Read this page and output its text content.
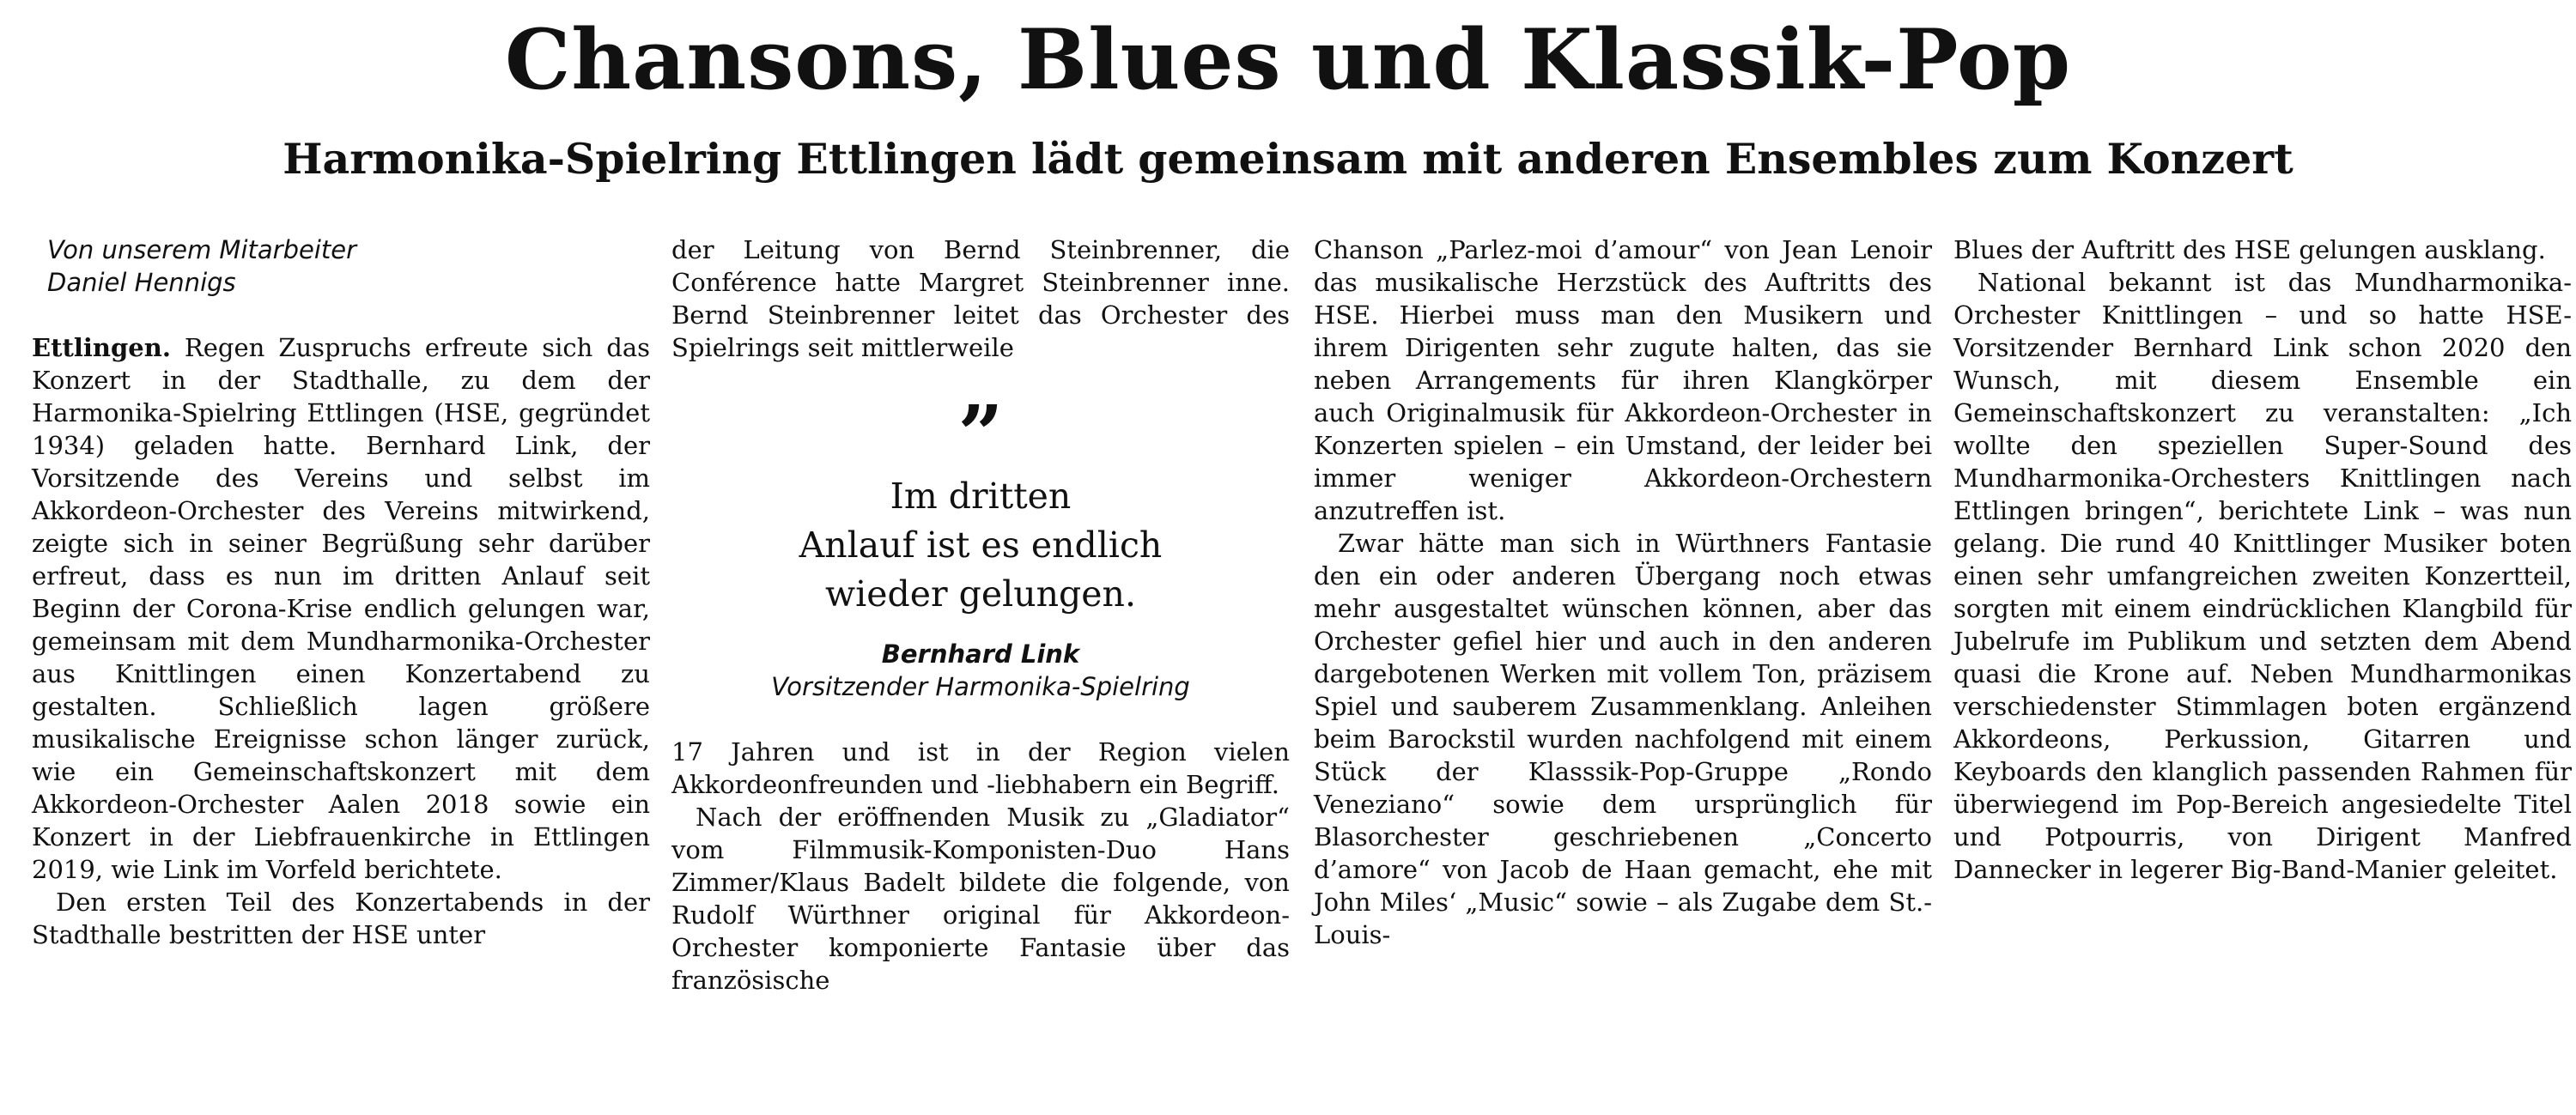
Chansons, Blues und Klassik-Pop
Harmonika-Spielring Ettlingen lädt gemeinsam mit anderen Ensembles zum Konzert
Von unserem Mitarbeiter
Daniel Hennigs

Ettlingen. Regen Zuspruchs erfreute sich das Konzert in der Stadthalle, zu dem der Harmonika-Spielring Ettlingen (HSE, gegründet 1934) geladen hatte. Bernhard Link, der Vorsitzende des Vereins und selbst im Akkordeon-Orchester des Vereins mitwirkend, zeigte sich in seiner Begrüßung sehr darüber erfreut, dass es nun im dritten Anlauf seit Beginn der Corona-Krise endlich gelungen war, gemeinsam mit dem Mundharmonika-Orchester aus Knittlingen einen Konzertabend zu gestalten. Schließlich lagen größere musikalische Ereignisse schon länger zurück, wie ein Gemeinschaftskonzert mit dem Akkordeon-Orchester Aalen 2018 sowie ein Konzert in der Liebfrauenkirche in Ettlingen 2019, wie Link im Vorfeld berichtete.

Den ersten Teil des Konzertabends in der Stadthalle bestritten der HSE unter

der Leitung von Bernd Steinbrenner, die Conférence hatte Margret Steinbrenner inne. Bernd Steinbrenner leitet das Orchester des Spielrings seit mittlerweile

”
Im dritten
Anlauf ist es endlich
wieder gelungen.
Bernhard Link
Vorsitzender Harmonika-Spielring

17 Jahren und ist in der Region vielen Akkordeonfreunden und -liebhabern ein Begriff.

Nach der eröffnenden Musik zu „Gladiator“ vom Filmmusik-Komponisten-Duo Hans Zimmer/Klaus Badelt bildete die folgende, von Rudolf Würthner original für Akkordeon-Orchester komponierte Fantasie über das französische

Chanson „Parlez-moi d’amour“ von Jean Lenoir das musikalische Herzstück des Auftritts des HSE. Hierbei muss man den Musikern und ihrem Dirigenten sehr zugute halten, das sie neben Arrangements für ihren Klangkörper auch Originalmusik für Akkordeon-Orchester in Konzerten spielen – ein Umstand, der leider bei immer weniger Akkordeon-Orchestern anzutreffen ist.

Zwar hätte man sich in Würthners Fantasie den ein oder anderen Übergang noch etwas mehr ausgestaltet wünschen können, aber das Orchester gefiel hier und auch in den anderen dargebotenen Werken mit vollem Ton, präzisem Spiel und sauberem Zusammenklang. Anleihen beim Barockstil wurden nachfolgend mit einem Stück der Klasssik-Pop-Gruppe „Rondo Veneziano“ sowie dem ursprünglich für Blasorchester geschriebenen „Concerto d’amore“ von Jacob de Haan gemacht, ehe mit John Miles‘ „Music“ sowie – als Zugabe dem St.-Louis-

Blues der Auftritt des HSE gelungen ausklang.

National bekannt ist das Mundharmonika-Orchester Knittlingen – und so hatte HSE-Vorsitzender Bernhard Link schon 2020 den Wunsch, mit diesem Ensemble ein Gemeinschaftskonzert zu veranstalten: „Ich wollte den speziellen Super-Sound des Mundharmonika-Orchesters Knittlingen nach Ettlingen bringen“, berichtete Link – was nun gelang. Die rund 40 Knittlinger Musiker boten einen sehr umfangreichen zweiten Konzertteil, sorgten mit einem eindrücklichen Klangbild für Jubelrufe im Publikum und setzten dem Abend quasi die Krone auf. Neben Mundharmonikas verschiedenster Stimmlagen boten ergänzend Akkordeons, Perkussion, Gitarren und Keyboards den klanglich passenden Rahmen für überwiegend im Pop-Bereich angesiedelte Titel und Potpourris, von Dirigent Manfred Dannecker in legerer Big-Band-Manier geleitet.
